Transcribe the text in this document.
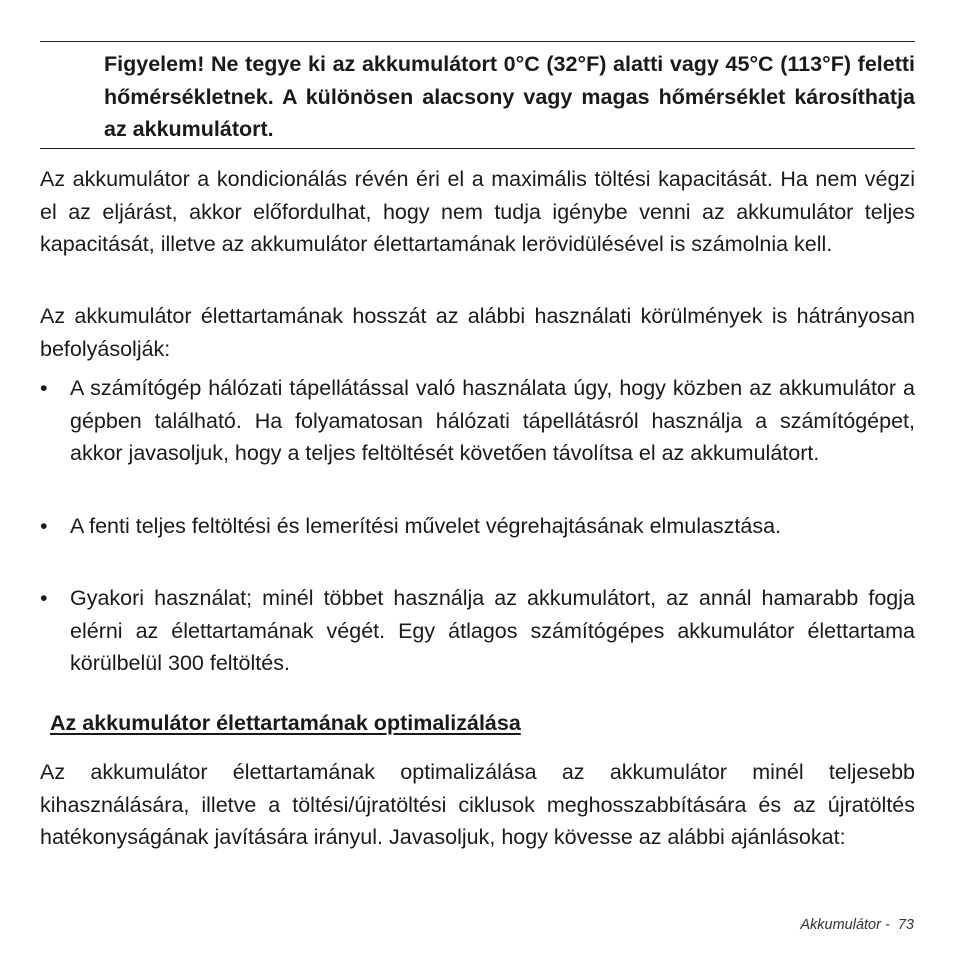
Figyelem! Ne tegye ki az akkumulátort 0°C (32°F) alatti vagy 45°C (113°F) feletti hőmérsékletnek. A különösen alacsony vagy magas hőmérséklet károsíthatja az akkumulátort.

Az akkumulátor a kondicionálás révén éri el a maximális töltési kapacitását. Ha nem végzi el az eljárást, akkor előfordulhat, hogy nem tudja igénybe venni az akkumulátor teljes kapacitását, illetve az akkumulátor élettartamának lerövidülésével is számolnia kell.

Az akkumulátor élettartamának hosszát az alábbi használati körülmények is hátrányosan befolyásolják:

•	A számítógép hálózati tápellátással való használata úgy, hogy közben az akkumulátor a gépben található. Ha folyamatosan hálózati tápellátásról használja a számítógépet, akkor javasoljuk, hogy a teljes feltöltését követően távolítsa el az akkumulátort.

•	A fenti teljes feltöltési és lemerítési művelet végrehajtásának elmulasztása.

•	Gyakori használat; minél többet használja az akkumulátort, az annál hamarabb fogja elérni az élettartamának végét. Egy átlagos számítógépes akkumulátor élettartama körülbelül 300 feltöltés.

Az akkumulátor élettartamának optimalizálása

Az akkumulátor élettartamának optimalizálása az akkumulátor minél teljesebb kihasználására, illetve a töltési/újratöltési ciklusok meghosszabbítására és az újratöltés hatékonyságának javítására irányul. Javasoljuk, hogy kövesse az alábbi ajánlásokat:

Akkumulátor -  73
